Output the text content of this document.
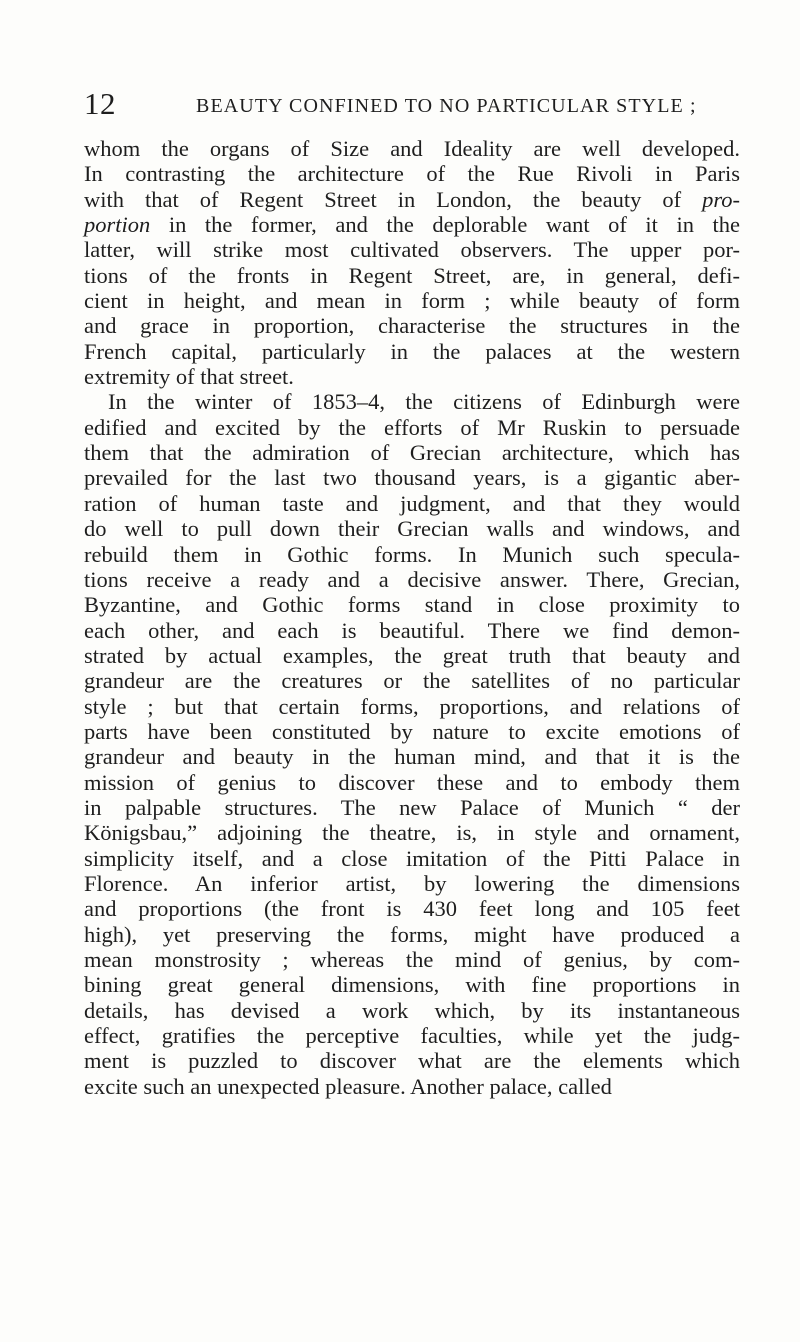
12	BEAUTY CONFINED TO NO PARTICULAR STYLE ;
whom the organs of Size and Ideality are well developed.
In contrasting the architecture of the Rue Rivoli in Paris
with that of Regent Street in London, the beauty of pro-
portion in the former, and the deplorable want of it in the
latter, will strike most cultivated observers. The upper por-
tions of the fronts in Regent Street, are, in general, defi-
cient in height, and mean in form ; while beauty of form
and grace in proportion, characterise the structures in the
French capital, particularly in the palaces at the western
extremity of that street.
In the winter of 1853–4, the citizens of Edinburgh were
edified and excited by the efforts of Mr Ruskin to persuade
them that the admiration of Grecian architecture, which has
prevailed for the last two thousand years, is a gigantic aber-
ration of human taste and judgment, and that they would
do well to pull down their Grecian walls and windows, and
rebuild them in Gothic forms. In Munich such specula-
tions receive a ready and a decisive answer. There, Grecian,
Byzantine, and Gothic forms stand in close proximity to
each other, and each is beautiful. There we find demon-
strated by actual examples, the great truth that beauty and
grandeur are the creatures or the satellites of no particular
style ; but that certain forms, proportions, and relations of
parts have been constituted by nature to excite emotions of
grandeur and beauty in the human mind, and that it is the
mission of genius to discover these and to embody them
in palpable structures. The new Palace of Munich “ der
Königsbau,” adjoining the theatre, is, in style and ornament,
simplicity itself, and a close imitation of the Pitti Palace in
Florence. An inferior artist, by lowering the dimensions
and proportions (the front is 430 feet long and 105 feet
high), yet preserving the forms, might have produced a
mean monstrosity ; whereas the mind of genius, by com-
bining great general dimensions, with fine proportions in
details, has devised a work which, by its instantaneous
effect, gratifies the perceptive faculties, while yet the judg-
ment is puzzled to discover what are the elements which
excite such an unexpected pleasure. Another palace, called
